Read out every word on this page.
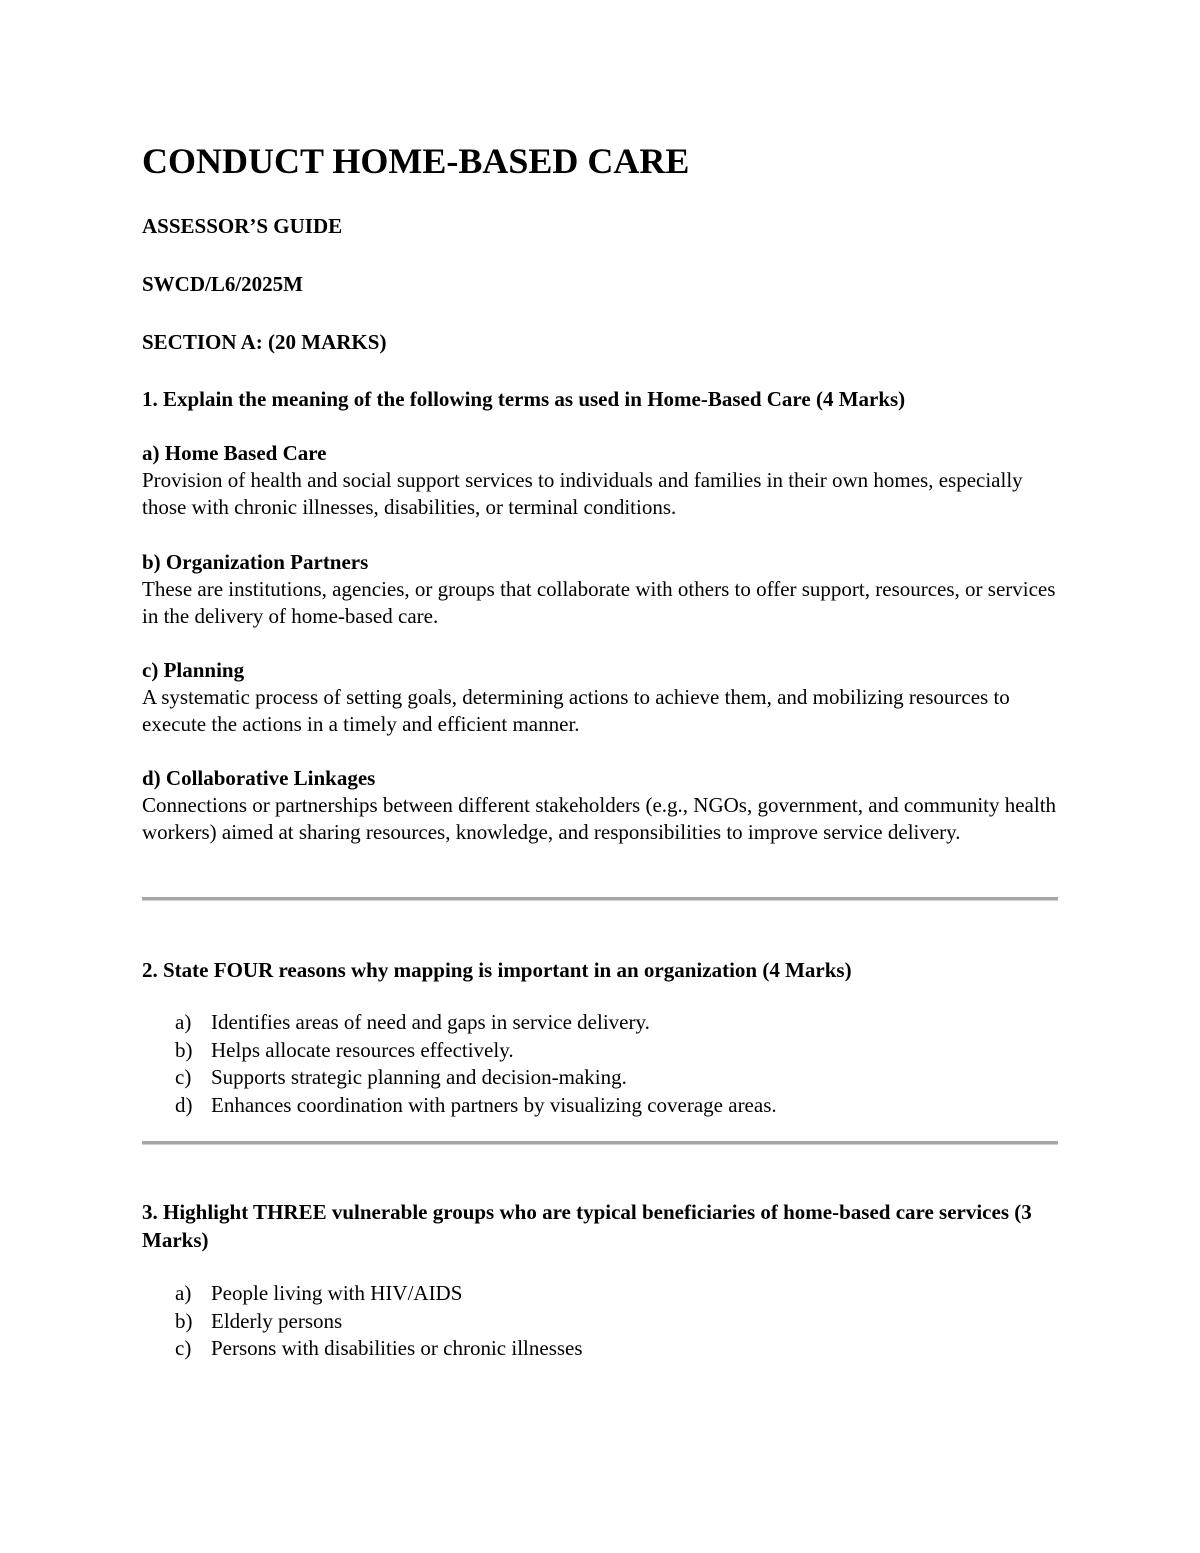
CONDUCT HOME-BASED CARE

ASSESSOR’S GUIDE

SWCD/L6/2025M

SECTION A: (20 MARKS)

1. Explain the meaning of the following terms as used in Home-Based Care (4 Marks)

a) Home Based Care
Provision of health and social support services to individuals and families in their own homes, especially those with chronic illnesses, disabilities, or terminal conditions.
b) Organization Partners
These are institutions, agencies, or groups that collaborate with others to offer support, resources, or services in the delivery of home-based care.
c) Planning
A systematic process of setting goals, determining actions to achieve them, and mobilizing resources to execute the actions in a timely and efficient manner.
d) Collaborative Linkages
Connections or partnerships between different stakeholders (e.g., NGOs, government, and community health workers) aimed at sharing resources, knowledge, and responsibilities to improve service delivery.

2. State FOUR reasons why mapping is important in an organization (4 Marks)

a) Identifies areas of need and gaps in service delivery.
b) Helps allocate resources effectively.
c) Supports strategic planning and decision-making.
d) Enhances coordination with partners by visualizing coverage areas.

3. Highlight THREE vulnerable groups who are typical beneficiaries of home-based care services (3 Marks)

a) People living with HIV/AIDS
b) Elderly persons
c) Persons with disabilities or chronic illnesses
